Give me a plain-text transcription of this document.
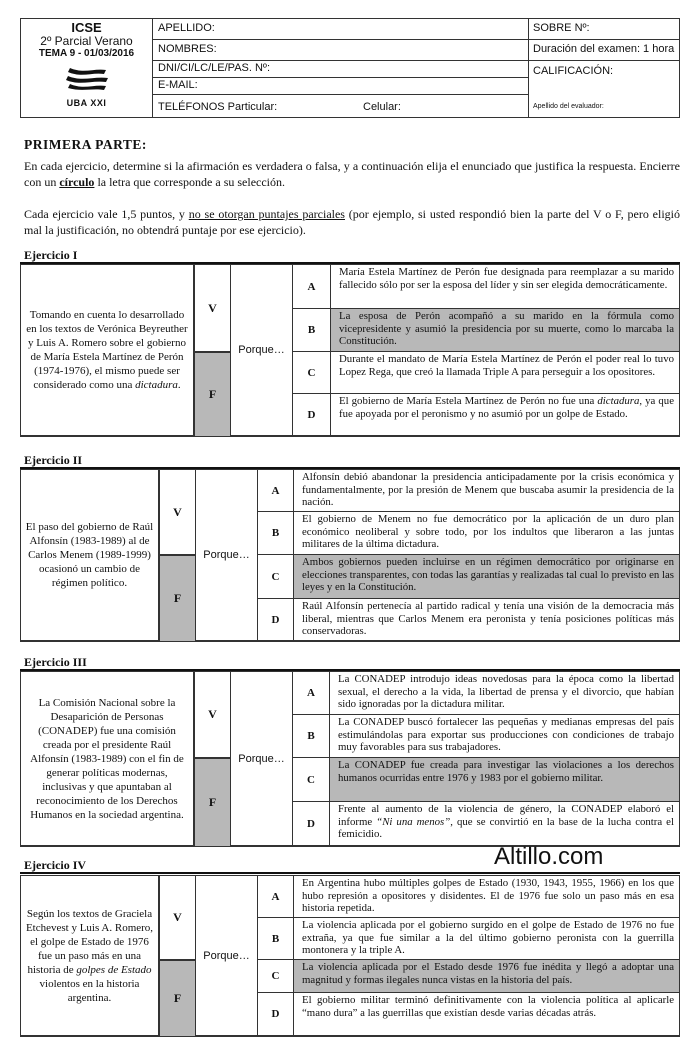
ICSE
2º Parcial Verano
TEMA 9 - 01/03/2016
UBA XXI
APELLIDO:
NOMBRES:
DNI/CI/LC/LE/PAS. Nº:
E-MAIL:
TELÉFONOS Particular:	Celular:
SOBRE Nº:
Duración del examen: 1 hora
CALIFICACIÓN:
Apellido del evaluador:
PRIMERA PARTE:
En cada ejercicio, determine si la afirmación es verdadera o falsa, y a continuación elija el enunciado que justifica la respuesta. Encierre con un círculo la letra que corresponde a su selección.
Cada ejercicio vale 1,5 puntos, y no se otorgan puntajes parciales (por ejemplo, si usted respondió bien la parte del V o F, pero eligió mal la justificación, no obtendrá puntaje por ese ejercicio).
Ejercicio I
Tomando en cuenta lo desarrollado en los textos de Verónica Beyreuther y Luis A. Romero sobre el gobierno de María Estela Martínez de Perón (1974-1976), el mismo puede ser considerado como una dictadura.
V
F
Porque…
A
María Estela Martínez de Perón fue designada para reemplazar a su marido fallecido sólo por ser la esposa del líder y sin ser elegida democráticamente.
B
La esposa de Perón acompañó a su marido en la fórmula como vicepresidente y asumió la presidencia por su muerte, como lo marcaba la Constitución.
C
Durante el mandato de María Estela Martínez de Perón el poder real lo tuvo Lopez Rega, que creó la llamada Triple A para perseguir a los opositores.
D
El gobierno de María Estela Martínez de Perón no fue una dictadura, ya que fue apoyada por el peronismo y no asumió por un golpe de Estado.
Ejercicio II
El paso del gobierno de Raúl Alfonsín (1983-1989) al de Carlos Menem (1989-1999) ocasionó un cambio de régimen político.
V
F
Porque…
A
Alfonsín debió abandonar la presidencia anticipadamente por la crisis económica y fundamentalmente, por la presión de Menem que buscaba asumir la presidencia de la nación.
B
El gobierno de Menem no fue democrático por la aplicación de un duro plan económico neoliberal y sobre todo, por los indultos que liberaron a las juntas militares de la última dictadura.
C
Ambos gobiernos pueden incluirse en un régimen democrático por originarse en elecciones transparentes, con todas las garantías y realizadas tal cual lo previsto en las leyes y en la Constitución.
D
Raúl Alfonsín pertenecía al partido radical y tenía una visión de la democracia más liberal, mientras que Carlos Menem era peronista y tenía posiciones políticas más conservadoras.
Ejercicio III
La Comisión Nacional sobre la Desaparición de Personas (CONADEP) fue una comisión creada por el presidente Raúl Alfonsín (1983-1989) con el fin de generar políticas modernas, inclusivas y que apuntaban al reconocimiento de los Derechos Humanos en la sociedad argentina.
V
F
Porque…
A
La CONADEP introdujo ideas novedosas para la época como la libertad sexual, el derecho a la vida, la libertad de prensa y el divorcio, que habían sido ignoradas por la dictadura militar.
B
La CONADEP buscó fortalecer las pequeñas y medianas empresas del país estimulándolas para exportar sus producciones con condiciones de trabajo muy favorables para sus trabajadores.
C
La CONADEP fue creada para investigar las violaciones a los derechos humanos ocurridas entre 1976 y 1983 por el gobierno militar.
D
Frente al aumento de la violencia de género, la CONADEP elaboró el informe “Ni una menos”, que se convirtió en la base de la lucha contra el femicidio.
Ejercicio IV
Según los textos de Graciela Etchevest y Luis A. Romero, el golpe de Estado de 1976 fue un paso más en una historia de golpes de Estado violentos en la historia argentina.
V
F
Porque…
A
En Argentina hubo múltiples golpes de Estado (1930, 1943, 1955, 1966) en los que hubo represión a opositores y disidentes. El de 1976 fue solo un paso más en esa historia repetida.
B
La violencia aplicada por el gobierno surgido en el golpe de Estado de 1976 no fue extraña, ya que fue similar a la del último gobierno peronista con la guerrilla montonera y la triple A.
C
La violencia aplicada por el Estado desde 1976 fue inédita y llegó a adoptar una magnitud y formas ilegales nunca vistas en la historia del país.
D
El gobierno militar terminó definitivamente con la violencia política al aplicarle “mano dura” a las guerrillas que existían desde varias décadas atrás.
Altillo.com
